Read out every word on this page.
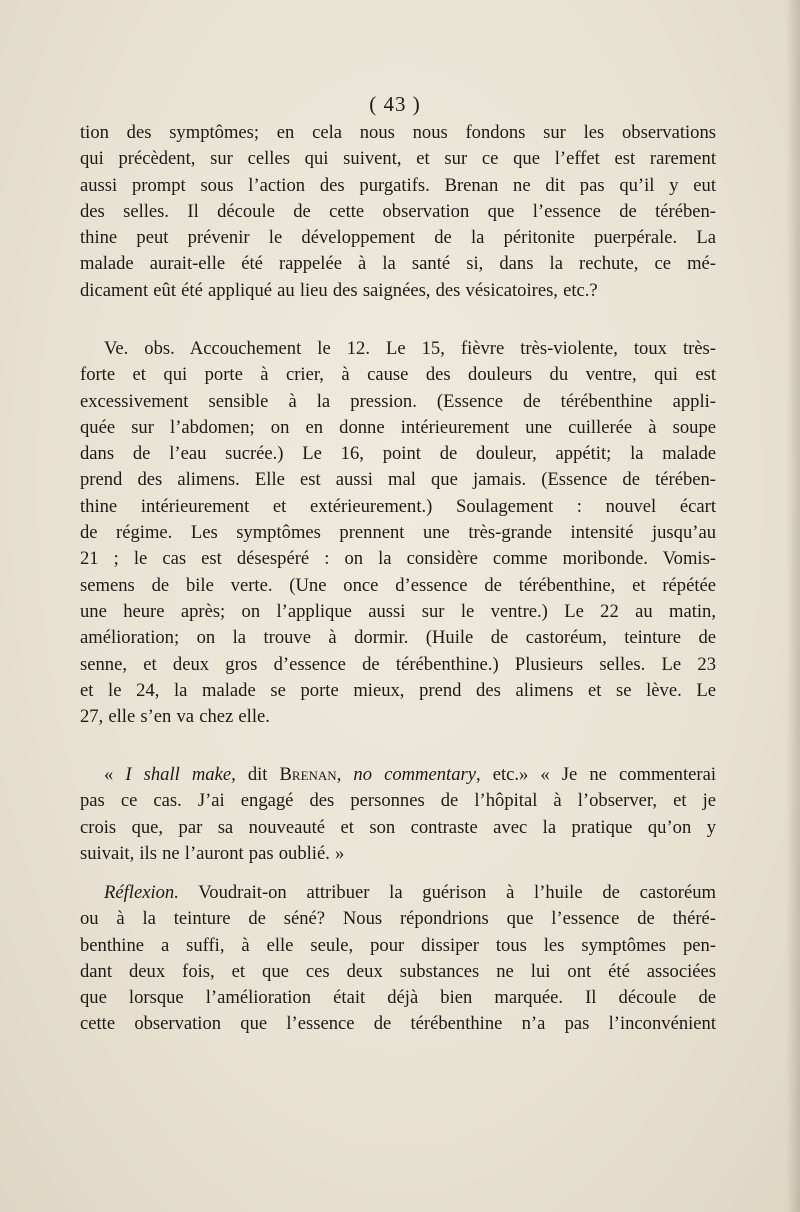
( 43 )
tion des symptômes; en cela nous nous fondons sur les observations
qui précèdent, sur celles qui suivent, et sur ce que l’effet est rarement
aussi prompt sous l’action des purgatifs. Brenan ne dit pas qu’il y eut
des selles. Il découle de cette observation que l’essence de térében-
thine peut prévenir le développement de la péritonite puerpérale. La
malade aurait-elle été rappelée à la santé si, dans la rechute, ce mé-
dicament eût été appliqué au lieu des saignées, des vésicatoires, etc.?
Ve. obs. Accouchement le 12. Le 15, fièvre très-violente, toux très-
forte et qui porte à crier, à cause des douleurs du ventre, qui est
excessivement sensible à la pression. (Essence de térébenthine appli-
quée sur l’abdomen; on en donne intérieurement une cuillerée à soupe
dans de l’eau sucrée.) Le 16, point de douleur, appétit; la malade
prend des alimens. Elle est aussi mal que jamais. (Essence de térében-
thine intérieurement et extérieurement.) Soulagement : nouvel écart
de régime. Les symptômes prennent une très-grande intensité jusqu’au
21 ; le cas est désespéré : on la considère comme moribonde. Vomis-
semens de bile verte. (Une once d’essence de térébenthine, et répétée
une heure après; on l’applique aussi sur le ventre.) Le 22 au matin,
amélioration; on la trouve à dormir. (Huile de castoréum, teinture de
senne, et deux gros d’essence de térébenthine.) Plusieurs selles. Le 23
et le 24, la malade se porte mieux, prend des alimens et se lève. Le
27, elle s’en va chez elle.
« I shall make, dit Brenan, no commentary, etc.» « Je ne commenterai
pas ce cas. J’ai engagé des personnes de l’hôpital à l’observer, et je
crois que, par sa nouveauté et son contraste avec la pratique qu’on y
suivait, ils ne l’auront pas oublié. »
Réflexion. Voudrait-on attribuer la guérison à l’huile de castoréum
ou à la teinture de séné? Nous répondrions que l’essence de théré-
benthine a suffi, à elle seule, pour dissiper tous les symptômes pen-
dant deux fois, et que ces deux substances ne lui ont été associées
que lorsque l’amélioration était déjà bien marquée. Il découle de
cette observation que l’essence de térébenthine n’a pas l’inconvénient
